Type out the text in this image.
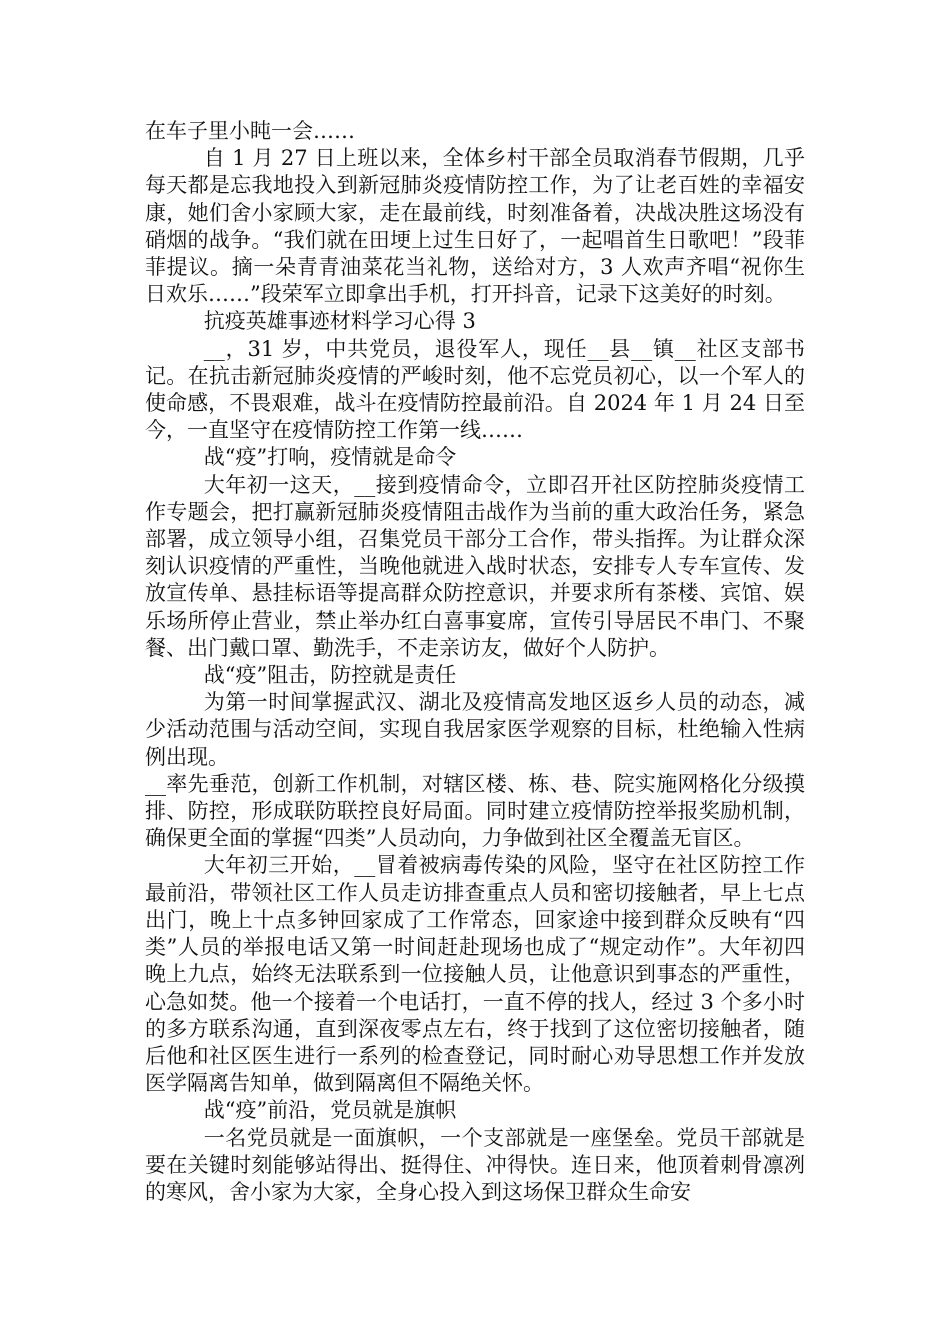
在车子里小盹一会……

自 1 月 27 日上班以来，全体乡村干部全员取消春节假期，几乎每天都是忘我地投入到新冠肺炎疫情防控工作，为了让老百姓的幸福安康，她们舍小家顾大家，走在最前线，时刻准备着，决战决胜这场没有硝烟的战争。“我们就在田埂上过生日好了，一起唱首生日歌吧！”段菲菲提议。摘一朵青青油菜花当礼物，送给对方，3 人欢声齐唱“祝你生日欢乐……”段荣军立即拿出手机，打开抖音，记录下这美好的时刻。

抗疫英雄事迹材料学习心得 3

__，31 岁，中共党员，退役军人，现任__县__镇__社区支部书记。在抗击新冠肺炎疫情的严峻时刻，他不忘党员初心，以一个军人的使命感，不畏艰难，战斗在疫情防控最前沿。自 2024 年 1 月 24 日至今，一直坚守在疫情防控工作第一线……

战“疫”打响，疫情就是命令

大年初一这天，__接到疫情命令，立即召开社区防控肺炎疫情工作专题会，把打赢新冠肺炎疫情阻击战作为当前的重大政治任务，紧急部署，成立领导小组，召集党员干部分工合作，带头指挥。为让群众深刻认识疫情的严重性，当晚他就进入战时状态，安排专人专车宣传、发放宣传单、悬挂标语等提高群众防控意识，并要求所有茶楼、宾馆、娱乐场所停止营业，禁止举办红白喜事宴席，宣传引导居民不串门、不聚餐、出门戴口罩、勤洗手，不走亲访友，做好个人防护。

战“疫”阻击，防控就是责任

为第一时间掌握武汉、湖北及疫情高发地区返乡人员的动态，减少活动范围与活动空间，实现自我居家医学观察的目标，杜绝输入性病例出现。

__率先垂范，创新工作机制，对辖区楼、栋、巷、院实施网格化分级摸排、防控，形成联防联控良好局面。同时建立疫情防控举报奖励机制，确保更全面的掌握“四类”人员动向，力争做到社区全覆盖无盲区。

大年初三开始，__冒着被病毒传染的风险，坚守在社区防控工作最前沿，带领社区工作人员走访排查重点人员和密切接触者，早上七点出门，晚上十点多钟回家成了工作常态，回家途中接到群众反映有“四类”人员的举报电话又第一时间赶赴现场也成了“规定动作”。大年初四晚上九点，始终无法联系到一位接触人员，让他意识到事态的严重性，心急如焚。他一个接着一个电话打，一直不停的找人，经过 3 个多小时的多方联系沟通，直到深夜零点左右，终于找到了这位密切接触者，随后他和社区医生进行一系列的检查登记，同时耐心劝导思想工作并发放医学隔离告知单，做到隔离但不隔绝关怀。

战“疫”前沿，党员就是旗帜

一名党员就是一面旗帜，一个支部就是一座堡垒。党员干部就是要在关键时刻能够站得出、挺得住、冲得快。连日来，他顶着刺骨凛冽的寒风，舍小家为大家，全身心投入到这场保卫群众生命安
